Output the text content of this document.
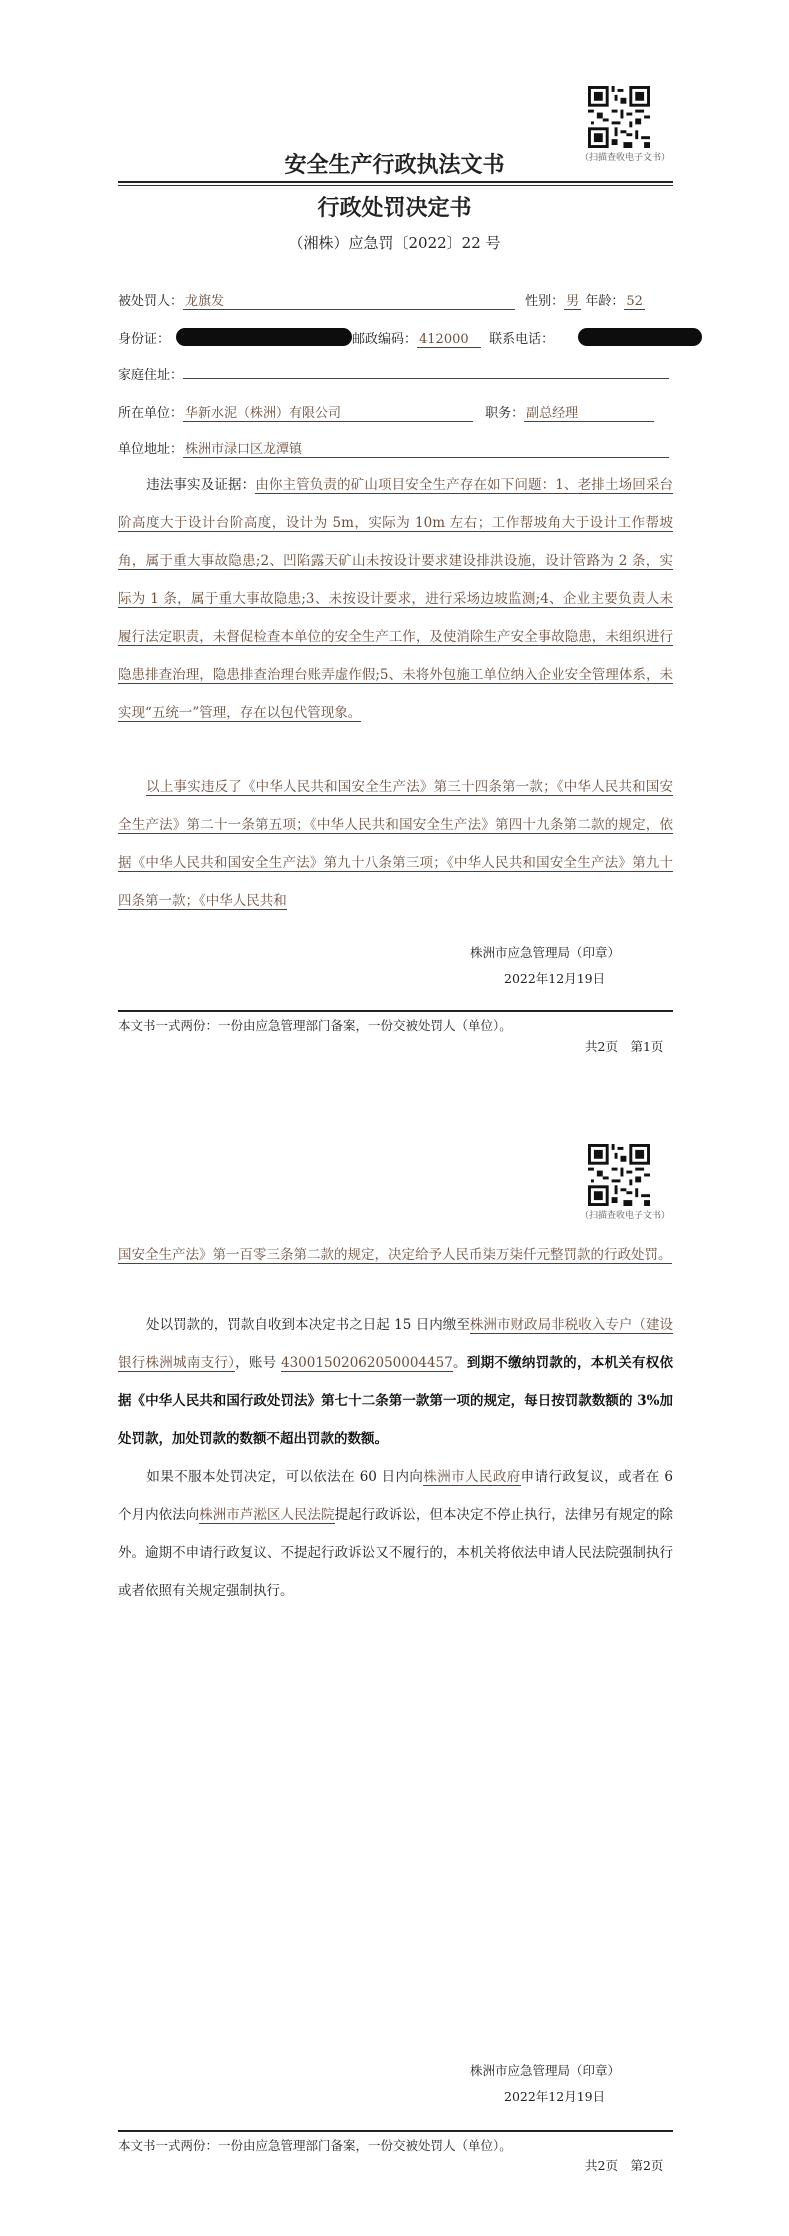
（扫描查收电子文书）
安全生产行政执法文书
行政处罚决定书
（湘株）应急罚〔2022〕22 号
被处罚人： 龙旗发	性别： 男 年龄： 52
身份证：	邮政编码： 412000 联系电话：
家庭住址：
所在单位： 华新水泥（株洲）有限公司	职务： 副总经理
单位地址： 株洲市渌口区龙潭镇
违法事实及证据：由你主管负责的矿山项目安全生产存在如下问题：1、老排土场回采台阶高度大于设计台阶高度，设计为 5m，实际为 10m 左右；工作帮坡角大于设计工作帮坡角，属于重大事故隐患;2、凹陷露天矿山未按设计要求建设排洪设施，设计管路为 2 条，实际为 1 条，属于重大事故隐患;3、未按设计要求，进行采场边坡监测;4、企业主要负责人未履行法定职责，未督促检查本单位的安全生产工作，及使消除生产安全事故隐患，未组织进行隐患排查治理，隐患排查治理台账弄虚作假;5、未将外包施工单位纳入企业安全管理体系，未实现“五统一”管理，存在以包代管现象。
以上事实违反了《中华人民共和国安全生产法》第三十四条第一款；《中华人民共和国安全生产法》第二十一条第五项；《中华人民共和国安全生产法》第四十九条第二款的规定，依据《中华人民共和国安全生产法》第九十八条第三项；《中华人民共和国安全生产法》第九十四条第一款；《中华人民共和
株洲市应急管理局（印章）
2022年12月19日
本文书一式两份：一份由应急管理部门备案，一份交被处罚人（单位）。
共2页　第1页
（扫描查收电子文书）
国安全生产法》第一百零三条第二款的规定，决定给予人民币柒万柒仟元整罚款的行政处罚。
处以罚款的，罚款自收到本决定书之日起 15 日内缴至株洲市财政局非税收入专户（建设银行株洲城南支行），账号 4300150206205000445​7。到期不缴纳罚款的，本机关有权依据《中华人民共和国行政处罚法》第七十二条第一款第一项的规定，每日按罚款数额的 3%加处罚款，加处罚款的数额不超出罚款的数额。
如果不服本处罚决定，可以依法在 60 日内向株洲市人民政府申请行政复议，或者在 6 个月内依法向株洲市芦淞区人民法院提起行政诉讼，但本决定不停止执行，法律另有规定的除外。逾期不申请行政复议、不提起行政诉讼又不履行的，本机关将依法申请人民法院强制执行或者依照有关规定强制执行。
株洲市应急管理局（印章）
2022年12月19日
本文书一式两份：一份由应急管理部门备案，一份交被处罚人（单位）。
共2页　第2页
